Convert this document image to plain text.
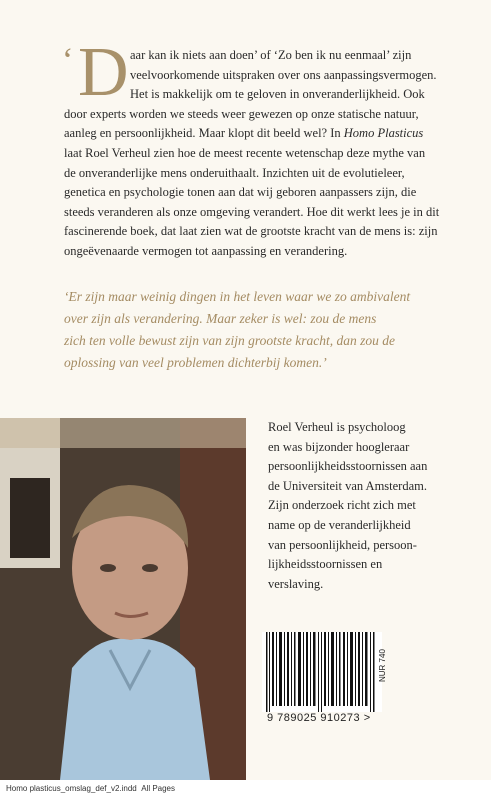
‘ D aar kan ik niets aan doen’ of ‘Zo ben ik nu eenmaal’ zijn
veelvoorkomende uitspraken over ons aanpassingsvermogen.
Het is makkelijk om te geloven in onveranderlijkheid. Ook
door experts worden we steeds weer gewezen op onze statische natuur,
aanleg en persoonlijkheid. Maar klopt dit beeld wel? In Homo Plasticus
laat Roel Verheul zien hoe de meest recente wetenschap deze mythe van
de onveranderlijke mens onderuithaalt. Inzichten uit de evolutieleer,
genetica en psychologie tonen aan dat wij geboren aanpassers zijn, die
steeds veranderen als onze omgeving verandert. Hoe dit werkt lees je in dit
fascinerende boek, dat laat zien wat de grootste kracht van de mens is: zijn
ongeëvenaarde vermogen tot aanpassing en verandering.
‘Er zijn maar weinig dingen in het leven waar we zo ambivalent
over zijn als verandering. Maar zeker is wel: zou de mens
zich ten volle bewust zijn van zijn grootste kracht, dan zou de
oplossing van veel problemen dichterbij komen.’
Roel Verheul is psycholoog
en was bijzonder hoogleraar
persoonlijkheidsstoornissen aan
de Universiteit van Amsterdam.
Zijn onderzoek richt zich met
name op de veranderlijkheid
van persoonlijkheid, persoon-
lijkheidsstoornissen en
verslaving.
NUR 740
9 789025 910273 >
Homo plasticus_omslag_def_v2.indd All Pages
